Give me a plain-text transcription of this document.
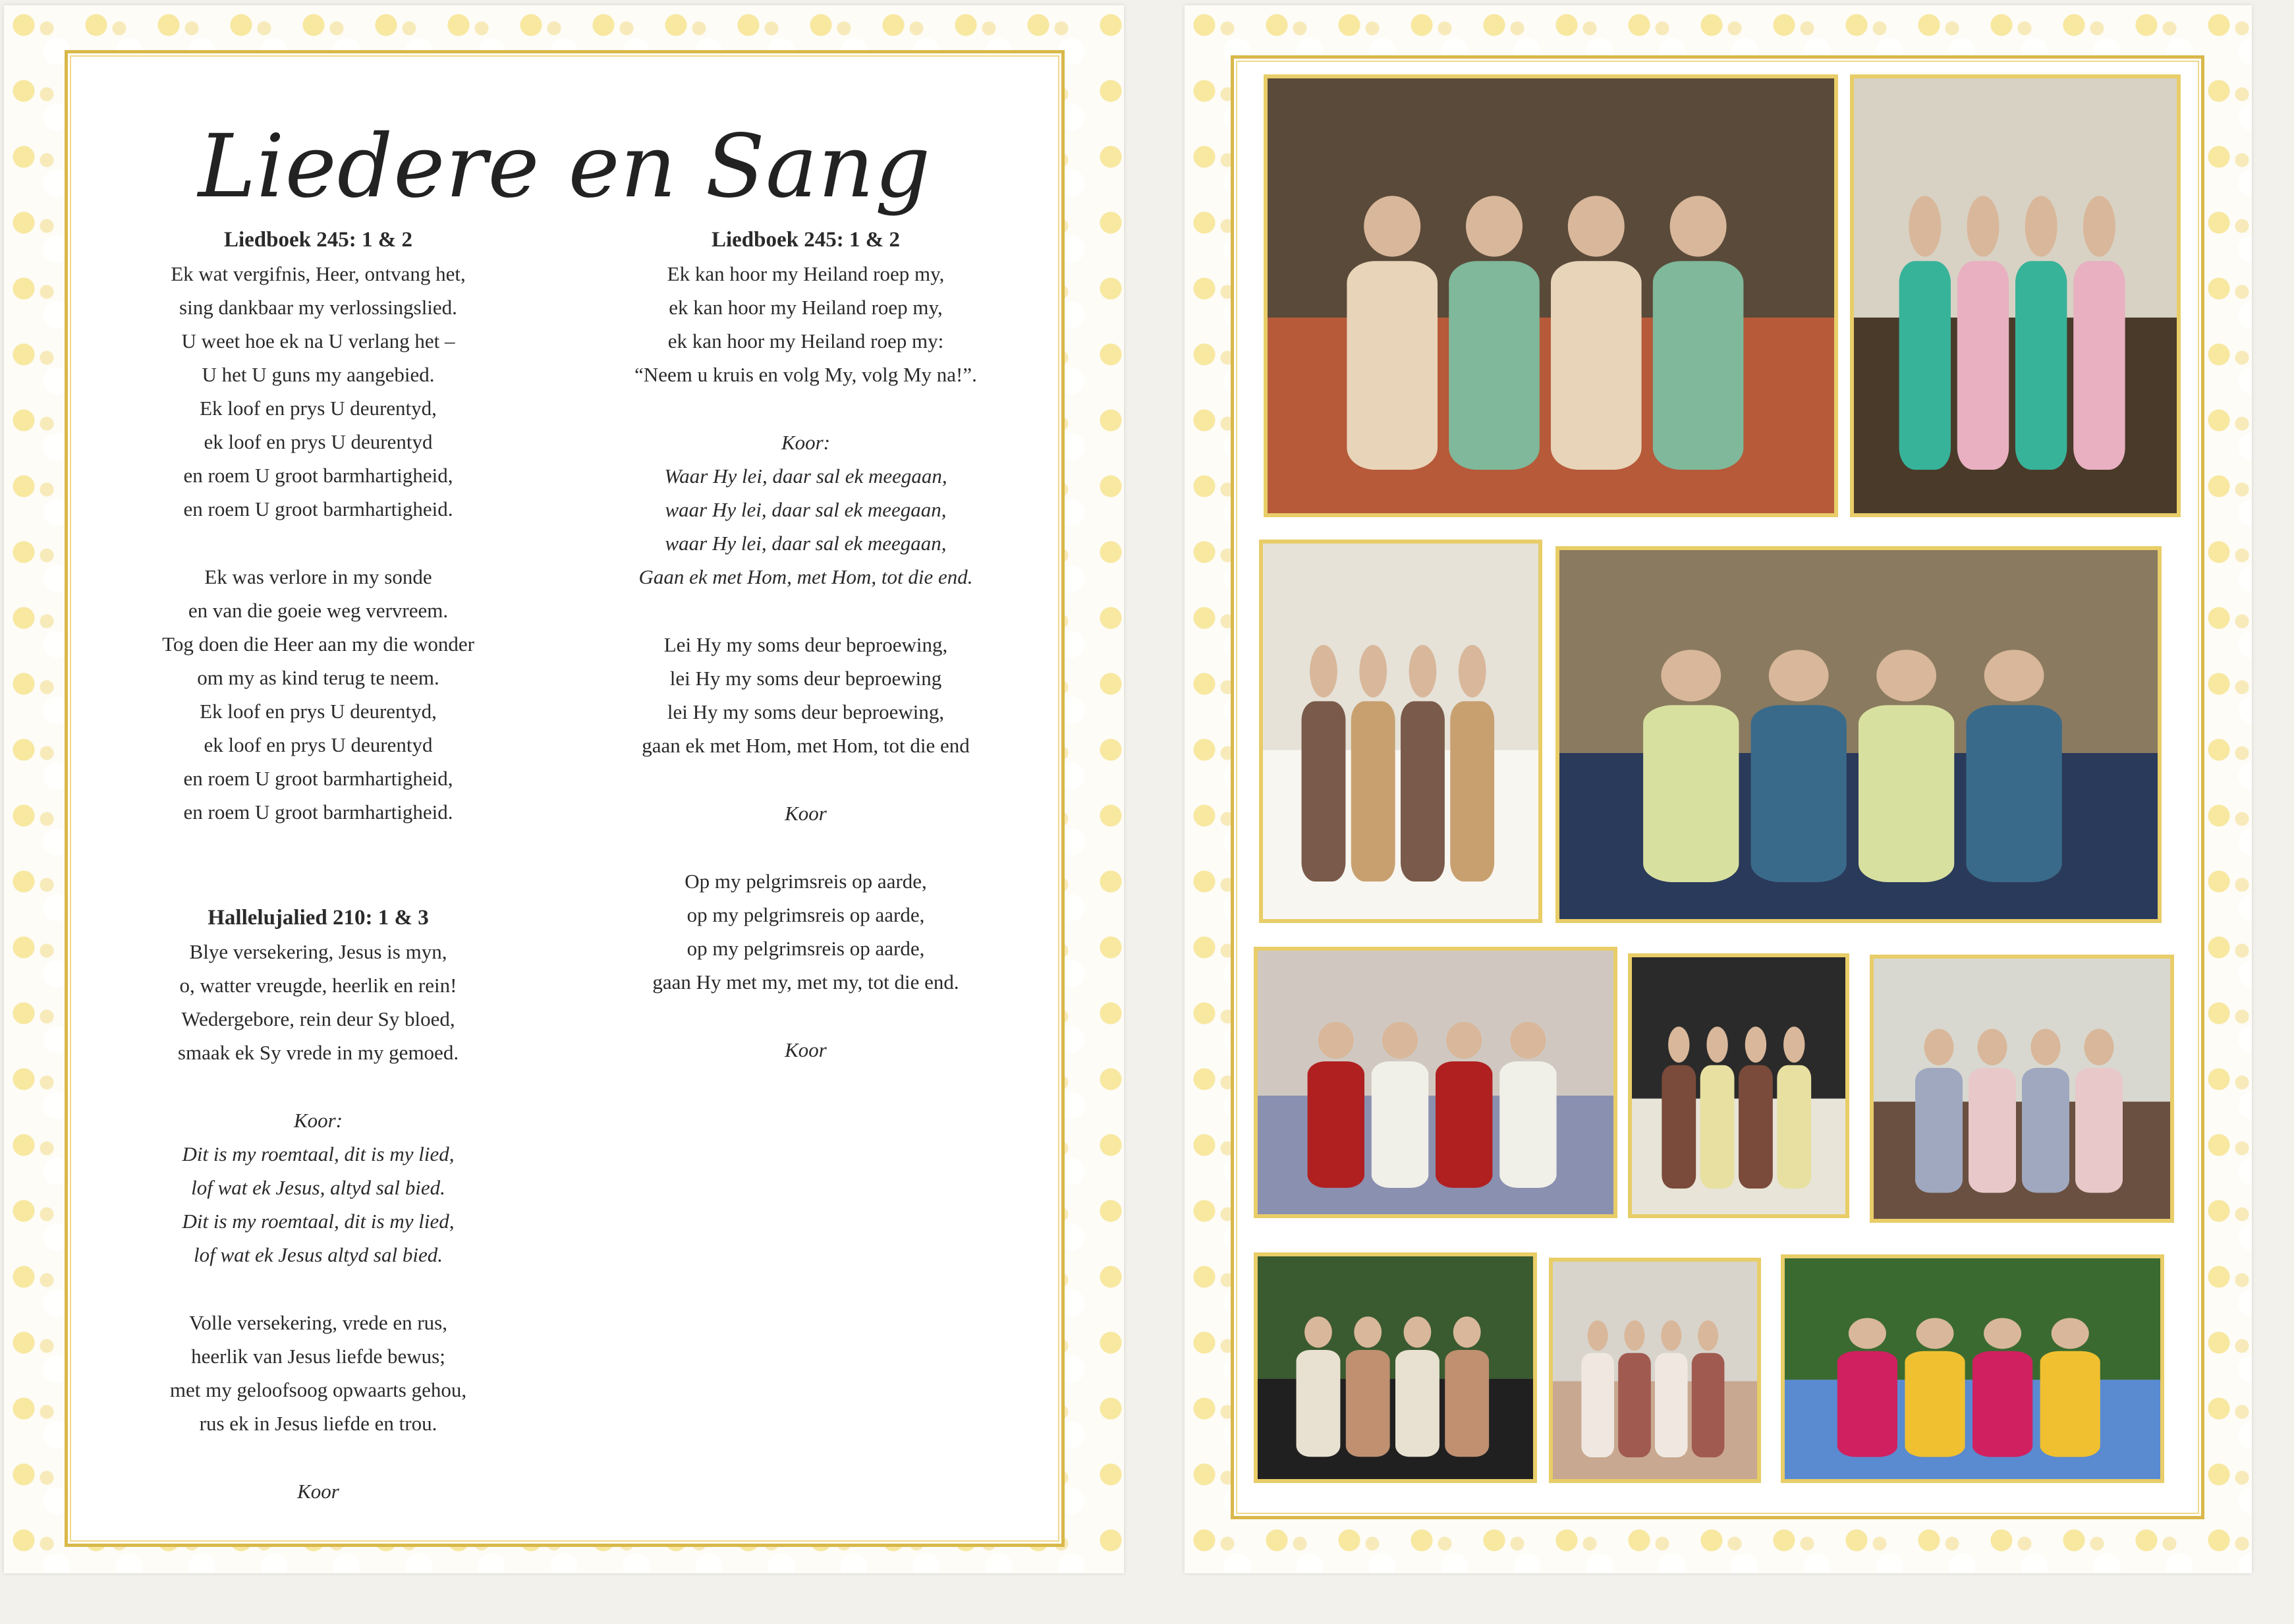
Liedere en Sang
Liedboek 245: 1 & 2
Ek wat vergifnis, Heer, ontvang het,
sing dankbaar my verlossingslied.
U weet hoe ek na U verlang het –
U het U guns my aangebied.
Ek loof en prys U deurentyd,
ek loof en prys U deurentyd
en roem U groot barmhartigheid,
en roem U groot barmhartigheid.
Ek was verlore in my sonde
en van die goeie weg vervreem.
Tog doen die Heer aan my die wonder
om my as kind terug te neem.
Ek loof en prys U deurentyd,
ek loof en prys U deurentyd
en roem U groot barmhartigheid,
en roem U groot barmhartigheid.
Hallelujalied 210: 1 & 3
Blye versekering, Jesus is myn,
o, watter vreugde, heerlik en rein!
Wedergebore, rein deur Sy bloed,
smaak ek Sy vrede in my gemoed.
Koor:
Dit is my roemtaal, dit is my lied,
lof wat ek Jesus, altyd sal bied.
Dit is my roemtaal, dit is my lied,
lof wat ek Jesus altyd sal bied.
Volle versekering, vrede en rus,
heerlik van Jesus liefde bewus;
met my geloofsoog opwaarts gehou,
rus ek in Jesus liefde en trou.
Koor
Liedboek 245: 1 & 2
Ek kan hoor my Heiland roep my,
ek kan hoor my Heiland roep my,
ek kan hoor my Heiland roep my:
“Neem u kruis en volg My, volg My na!”.
Koor:
Waar Hy lei, daar sal ek meegaan,
waar Hy lei, daar sal ek meegaan,
waar Hy lei, daar sal ek meegaan,
Gaan ek met Hom, met Hom, tot die end.
Lei Hy my soms deur beproewing,
lei Hy my soms deur beproewing
lei Hy my soms deur beproewing,
gaan ek met Hom, met Hom, tot die end
Koor
Op my pelgrimsreis op aarde,
op my pelgrimsreis op aarde,
op my pelgrimsreis op aarde,
gaan Hy met my, met my, tot die end.
Koor
